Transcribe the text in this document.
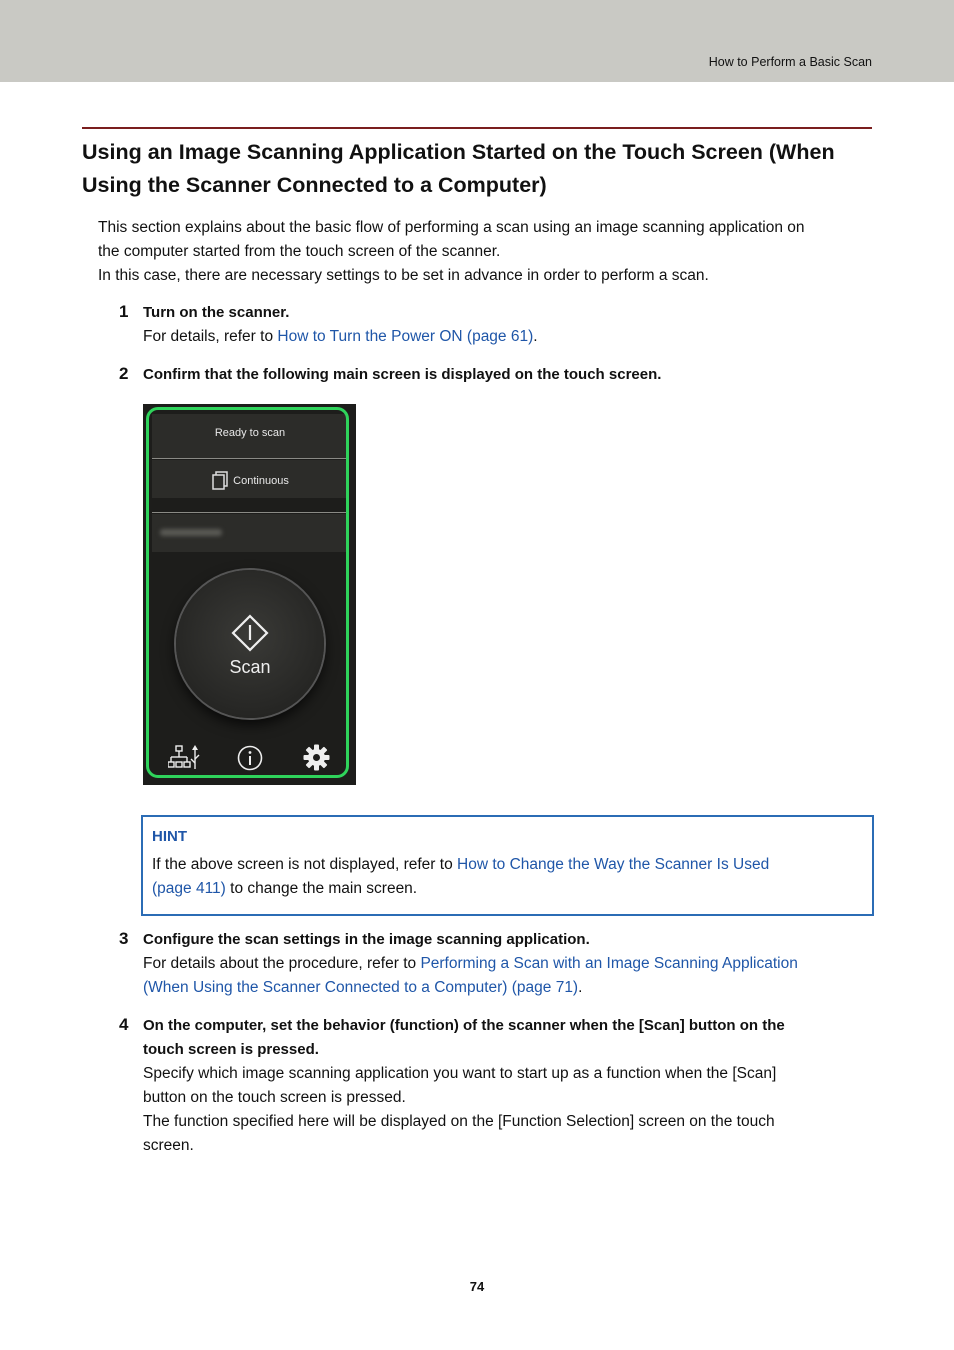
How to Perform a Basic Scan
Using an Image Scanning Application Started on the Touch Screen (When Using the Scanner Connected to a Computer)

This section explains about the basic flow of performing a scan using an image scanning application on

the computer started from the touch screen of the scanner.

In this case, there are necessary settings to be set in advance in order to perform a scan.

1 Turn on the scanner.

For details, refer to How to Turn the Power ON (page 61).

2 Confirm that the following main screen is displayed on the touch screen.

Ready to scan
Continuous
Scan
HINT

If the above screen is not displayed, refer to How to Change the Way the Scanner Is Used

(page 411) to change the main screen.

3 Configure the scan settings in the image scanning application.

For details about the procedure, refer to Performing a Scan with an Image Scanning Application

(When Using the Scanner Connected to a Computer) (page 71).

4 On the computer, set the behavior (function) of the scanner when the [Scan] button on the

touch screen is pressed.

Specify which image scanning application you want to start up as a function when the [Scan]

button on the touch screen is pressed.

The function specified here will be displayed on the [Function Selection] screen on the touch

screen.

74
